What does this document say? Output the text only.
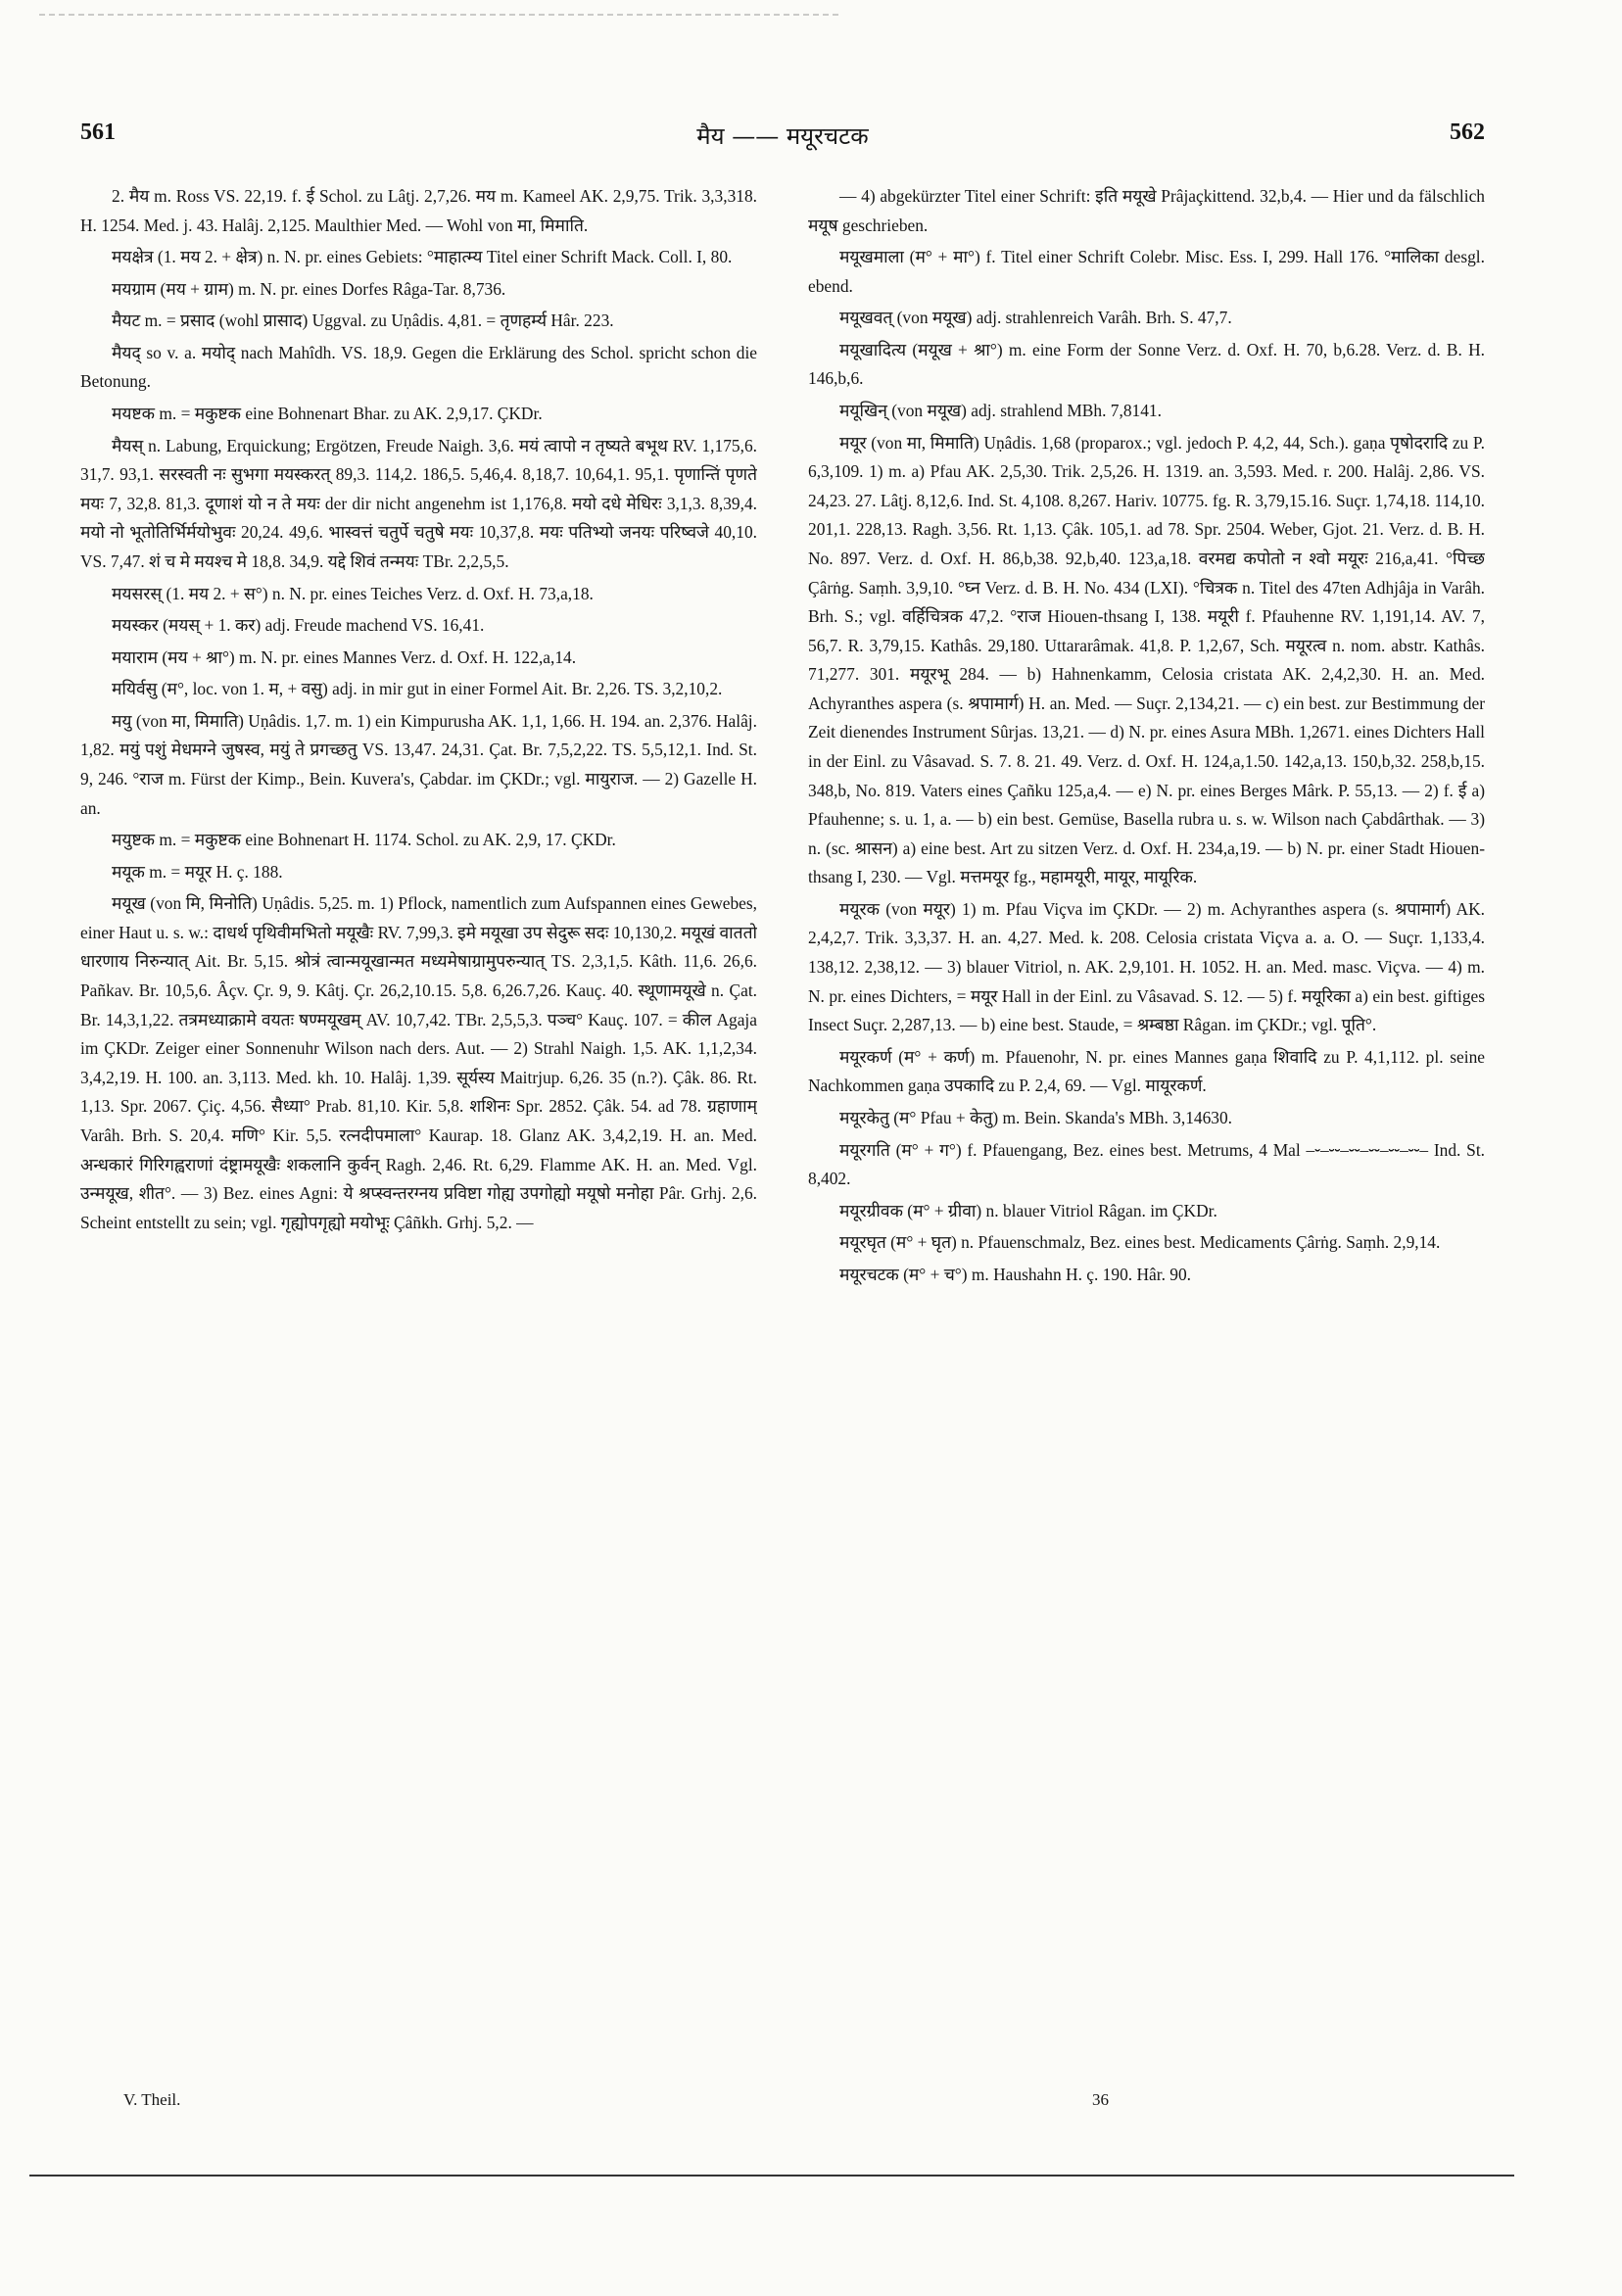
561	मैय —— मयूरचटक	562

2. मैय m. Ross VS. 22,19. f. ई Schol. zu Lâṭj. 2,7,26. मय m. Kameel AK. 2,9,75. Trik. 3,3,318. H. 1254. Med. j. 43. Halâj. 2,125. Maulthier Med. — Wohl von मा, मिमाति.

मयक्षेत्र (1. मय 2. + क्षेत्र) n. N. pr. eines Gebiets: °माहात्म्य Titel einer Schrift Mack. Coll. I, 80.

मयग्राम (मय + ग्राम) m. N. pr. eines Dorfes Râga-Tar. 8,736.

मैयट m. = प्रसाद (wohl प्रासाद) Uggval. zu Uṇâdis. 4,81. = तृणहर्म्य Hâr. 223.

मैयद् so v. a. मयोद् nach Mahîdh. VS. 18,9. Gegen die Erklärung des Schol. spricht schon die Betonung.

मयष्टक m. = मकुष्टक eine Bohnenart Bhar. zu AK. 2,9,17. ÇKDr.

मैयस् n. Labung, Erquickung; Ergötzen, Freude Naigh. 3,6. मयं त्वापो न तृष्यते बभूथ RV. 1,175,6. 31,7. 93,1. सरस्वती नः सुभगा मयस्करत् 89,3. 114,2. 186,5. 5,46,4. 8,18,7. 10,64,1. 95,1. पृणान्तिं पृणते मयः 7, 32,8. 81,3. दूणाशं यो न ते मयः der dir nicht angenehm ist 1,176,8. मयो दधे मेधिरः 3,1,3. 8,39,4. मयो नो भूतोतिर्भिर्मयोभुवः 20,24. 49,6. भास्वत्तं चतुर्पे चतुषे मयः 10,37,8. मयः पतिभ्यो जनयः परिष्वजे 40,10. VS. 7,47. शं च मे मयश्च मे 18,8. 34,9. यद्दे शिवं तन्मयः TBr. 2,2,5,5.

मयसरस् (1. मय 2. + स°) n. N. pr. eines Teiches Verz. d. Oxf. H. 73,a,18.

मयस्कर (मयस् + 1. कर) adj. Freude machend VS. 16,41.

मयाराम (मय + श्रा°) m. N. pr. eines Mannes Verz. d. Oxf. H. 122,a,14.

मयिर्वसु (म°, loc. von 1. म, + वसु) adj. in mir gut in einer Formel Ait. Br. 2,26. TS. 3,2,10,2.

मयु (von मा, मिमाति) Uṇâdis. 1,7. m. 1) ein Kimpurusha AK. 1,1, 1,66. H. 194. an. 2,376. Halâj. 1,82. मयुं पशुं मेधमग्ने जुषस्व, मयुं ते प्रगच्छतु VS. 13,47. 24,31. Çat. Br. 7,5,2,22. TS. 5,5,12,1. Ind. St. 9, 246. °राज m. Fürst der Kimp., Bein. Kuvera's, Çabdar. im ÇKDr.; vgl. मायुराज. — 2) Gazelle H. an.

मयुष्टक m. = मकुष्टक eine Bohnenart H. 1174. Schol. zu AK. 2,9, 17. ÇKDr.

मयूक m. = मयूर H. ç. 188.

मयूख (von मि, मिनोति) Uṇâdis. 5,25. m. 1) Pflock, namentlich zum Aufspannen eines Gewebes, einer Haut u. s. w.: दाधर्थ पृथिवीमभितो मयूखैः RV. 7,99,3. इमे मयूखा उप सेदुरू सदः 10,130,2. मयूखं वाततो धारणाय निरुन्यात् Ait. Br. 5,15. श्रोत्रं त्वान्मयूखान्मत मध्यमेषाग्रामुपरुन्यात् TS. 2,3,1,5. Kâth. 11,6. 26,6. Pañkav. Br. 10,5,6. Âçv. Çr. 9, 9. Kâtj. Çr. 26,2,10.15. 5,8. 6,26.7,26. Kauç. 40. स्थूणामयूखे n. Çat. Br. 14,3,1,22. तत्रमध्याक्रामे वयतः षण्मयूखम् AV. 10,7,42. TBr. 2,5,5,3. पञ्च° Kauç. 107. = कील Agaja im ÇKDr. Zeiger einer Sonnenuhr Wilson nach ders. Aut. — 2) Strahl Naigh. 1,5. AK. 1,1,2,34. 3,4,2,19. H. 100. an. 3,113. Med. kh. 10. Halâj. 1,39. सूर्यस्य Maitrjup. 6,26. 35 (n.?). Çâk. 86. Rt. 1,13. Spr. 2067. Çiç. 4,56. सैध्या° Prab. 81,10. Kir. 5,8. शशिनः Spr. 2852. Çâk. 54. ad 78. ग्रहाणाम् Varâh. Brh. S. 20,4. मणि° Kir. 5,5. रत्नदीपमाला° Kaurap. 18. Glanz AK. 3,4,2,19. H. an. Med. अन्धकारं गिरिगह्वराणां दंष्ट्रामयूखैः शकलानि कुर्वन् Ragh. 2,46. Rt. 6,29. Flamme AK. H. an. Med. Vgl. उन्मयूख, शीत°. — 3) Bez. eines Agni: ये श्रप्स्वन्तरग्नय प्रविष्टा गोह्य उपगोह्यो मयूषो मनोहा Pâr. Grhj. 2,6. Scheint entstellt zu sein; vgl. गृह्योपगृह्यो मयोभूः Çâñkh. Grhj. 5,2. —

— 4) abgekürzter Titel einer Schrift: इति मयूखे Prâjaçkittend. 32,b,4. — Hier und da fälschlich मयूष geschrieben.

मयूखमाला (म° + मा°) f. Titel einer Schrift Colebr. Misc. Ess. I, 299. Hall 176. °मालिका desgl. ebend.

मयूखवत् (von मयूख) adj. strahlenreich Varâh. Brh. S. 47,7.

मयूखादित्य (मयूख + श्रा°) m. eine Form der Sonne Verz. d. Oxf. H. 70, b,6.28. Verz. d. B. H. 146,b,6.

मयूखिन् (von मयूख) adj. strahlend MBh. 7,8141.

मयूर (von मा, मिमाति) Uṇâdis. 1,68 (proparox.; vgl. jedoch P. 4,2, 44, Sch.). gaṇa पृषोदरादि zu P. 6,3,109. 1) m. a) Pfau AK. 2,5,30. Trik. 2,5,26. H. 1319. an. 3,593. Med. r. 200. Halâj. 2,86. VS. 24,23. 27. Lâṭj. 8,12,6. Ind. St. 4,108. 8,267. Hariv. 10775. fg. R. 3,79,15.16. Suçr. 1,74,18. 114,10. 201,1. 228,13. Ragh. 3,56. Rt. 1,13. Çâk. 105,1. ad 78. Spr. 2504. Weber, Gjot. 21. Verz. d. B. H. No. 897. Verz. d. Oxf. H. 86,b,38. 92,b,40. 123,a,18. वरमद्य कपोतो न श्वो मयूरः 216,a,41. °पिच्छ Çârṅg. Saṃh. 3,9,10. °घ्न Verz. d. B. H. No. 434 (LXI). °चित्रक n. Titel des 47ten Adhjâja in Varâh. Brh. S.; vgl. वर्हिचित्रक 47,2. °राज Hiouen-thsang I, 138. मयूरी f. Pfauhenne RV. 1,191,14. AV. 7, 56,7. R. 3,79,15. Kathâs. 29,180. Uttararâmak. 41,8. P. 1,2,67, Sch. मयूरत्व n. nom. abstr. Kathâs. 71,277. 301. मयूरभू 284. — b) Hahnenkamm, Celosia cristata AK. 2,4,2,30. H. an. Med. Achyranthes aspera (s. श्रपामार्ग) H. an. Med. — Suçr. 2,134,21. — c) ein best. zur Bestimmung der Zeit dienendes Instrument Sûrjas. 13,21. — d) N. pr. eines Asura MBh. 1,2671. eines Dichters Hall in der Einl. zu Vâsavad. S. 7. 8. 21. 49. Verz. d. Oxf. H. 124,a,1.50. 142,a,13. 150,b,32. 258,b,15. 348,b, No. 819. Vaters eines Çañku 125,a,4. — e) N. pr. eines Berges Mârk. P. 55,13. — 2) f. ई a) Pfauhenne; s. u. 1, a. — b) ein best. Gemüse, Basella rubra u. s. w. Wilson nach Çabdârthak. — 3) n. (sc. श्रासन) a) eine best. Art zu sitzen Verz. d. Oxf. H. 234,a,19. — b) N. pr. einer Stadt Hiouen-thsang I, 230. — Vgl. मत्तमयूर fg., महामयूरी, मायूर, मायूरिक.

मयूरक (von मयूर) 1) m. Pfau Viçva im ÇKDr. — 2) m. Achyranthes aspera (s. श्रपामार्ग) AK. 2,4,2,7. Trik. 3,3,37. H. an. 4,27. Med. k. 208. Celosia cristata Viçva a. a. O. — Suçr. 1,133,4. 138,12. 2,38,12. — 3) blauer Vitriol, n. AK. 2,9,101. H. 1052. H. an. Med. masc. Viçva. — 4) m. N. pr. eines Dichters, = मयूर Hall in der Einl. zu Vâsavad. S. 12. — 5) f. मयूरिका a) ein best. giftiges Insect Suçr. 2,287,13. — b) eine best. Staude, = श्रम्बष्ठा Râgan. im ÇKDr.; vgl. पूति°.

मयूरकर्ण (म° + कर्ण) m. Pfauenohr, N. pr. eines Mannes gaṇa शिवादि zu P. 4,1,112. pl. seine Nachkommen gaṇa उपकादि zu P. 2,4, 69. — Vgl. मायूरकर्ण.

मयूरकेतु (म° Pfau + केतु) m. Bein. Skanda's MBh. 3,14630.

मयूरगति (म° + ग°) f. Pfauengang, Bez. eines best. Metrums, 4 Mal –⏑–⏑⏑–⏑⏑–⏑⏑–⏑⏑–⏑⏑– Ind. St. 8,402.

मयूरग्रीवक (म° + ग्रीवा) n. blauer Vitriol Râgan. im ÇKDr.

मयूरघृत (म° + घृत) n. Pfauenschmalz, Bez. eines best. Medicaments Çârṅg. Saṃh. 2,9,14.

मयूरचटक (म° + च°) m. Haushahn H. ç. 190. Hâr. 90.

V. Theil.	36
